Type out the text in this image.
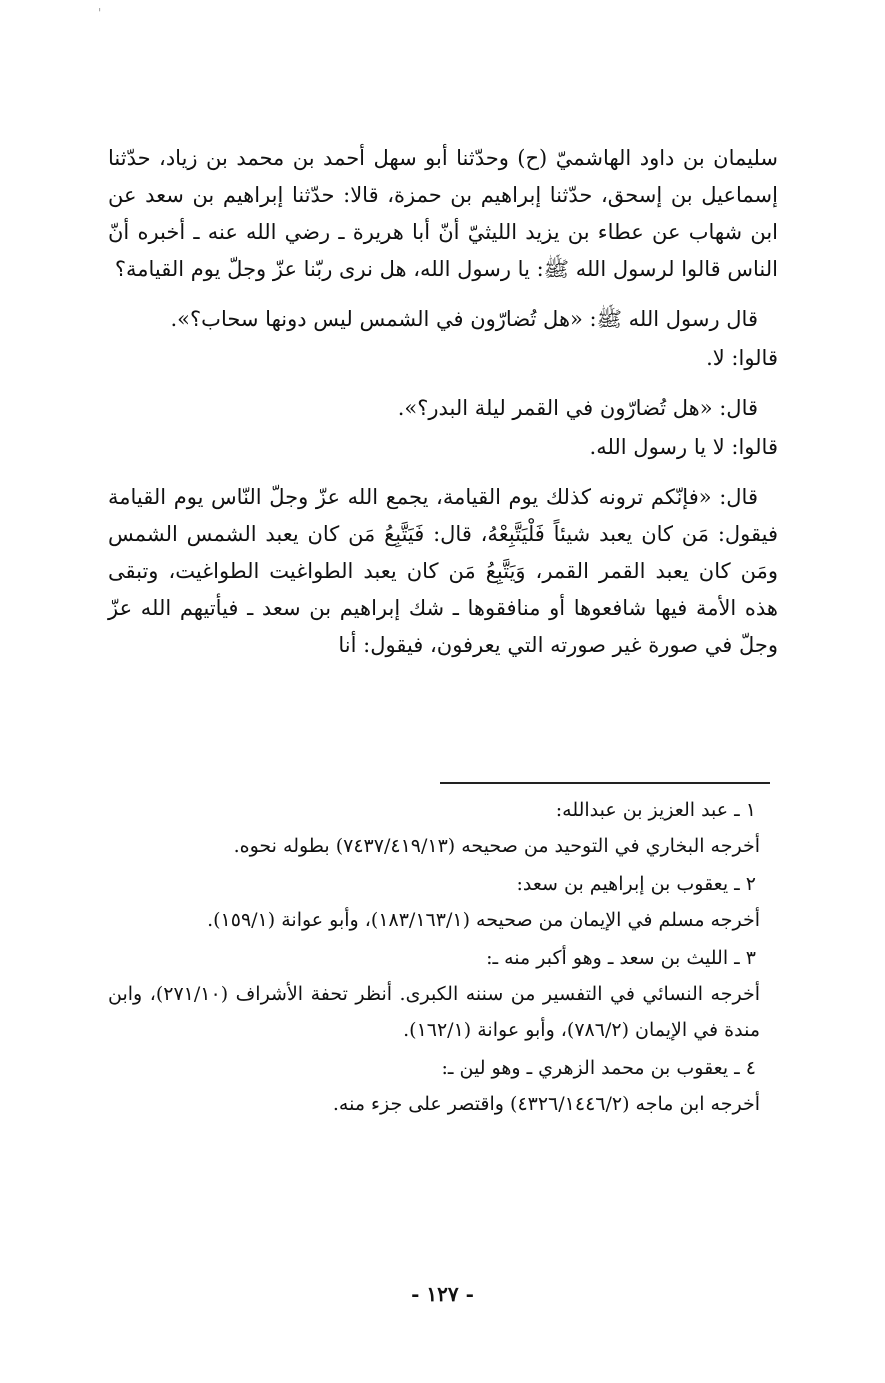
'

سليمان بن داود الهاشميّ (ح) وحدّثنا أبو سهل أحمد بن محمد بن زياد، حدّثنا إسماعيل بن إسحق، حدّثنا إبراهيم بن حمزة، قالا: حدّثنا إبراهيم بن سعد عن ابن شهاب عن عطاء بن يزيد الليثيّ أنّ أبا هريرة ـ رضي الله عنه ـ أخبره أنّ الناس قالوا لرسول الله ﷺ: يا رسول الله، هل نرى ربّنا عزّ وجلّ يوم القيامة؟

قال رسول الله ﷺ: «هل تُضارّون في الشمس ليس دونها سحاب؟».

قالوا: لا.

قال: «هل تُضارّون في القمر ليلة البدر؟».

قالوا: لا يا رسول الله.

قال: «فإنّكم ترونه كذلك يوم القيامة، يجمع الله عزّ وجلّ النّاس يوم القيامة فيقول: مَن كان يعبد شيئاً فَلْيَتَّبِعْهُ، قال: فَيَتَّبِعُ مَن كان يعبد الشمس الشمس ومَن كان يعبد القمر القمر، وَيَتَّبِعُ مَن كان يعبد الطواغيت الطواغيت، وتبقى هذه الأمة فيها شافعوها أو منافقوها ـ شك إبراهيم بن سعد ـ فيأتيهم الله عزّ وجلّ في صورة غير صورته التي يعرفون، فيقول: أنا

١ ـ عبد العزيز بن عبدالله:

أخرجه البخاري في التوحيد من صحيحه (٧٤٣٧/٤١٩/١٣) بطوله نحوه.

٢ ـ يعقوب بن إبراهيم بن سعد:

أخرجه مسلم في الإيمان من صحيحه (١٨٣/١٦٣/١)، وأبو عوانة (١٥٩/١).

٣ ـ الليث بن سعد ـ وهو أكبر منه ـ:

أخرجه النسائي في التفسير من سننه الكبرى. أنظر تحفة الأشراف (٢٧١/١٠)، وابن مندة في الإيمان (٧٨٦/٢)، وأبو عوانة (١٦٢/١).

٤ ـ يعقوب بن محمد الزهري ـ وهو لين ـ:

أخرجه ابن ماجه (٤٣٢٦/١٤٤٦/٢) واقتصر على جزء منه.

- ١٢٧ -
